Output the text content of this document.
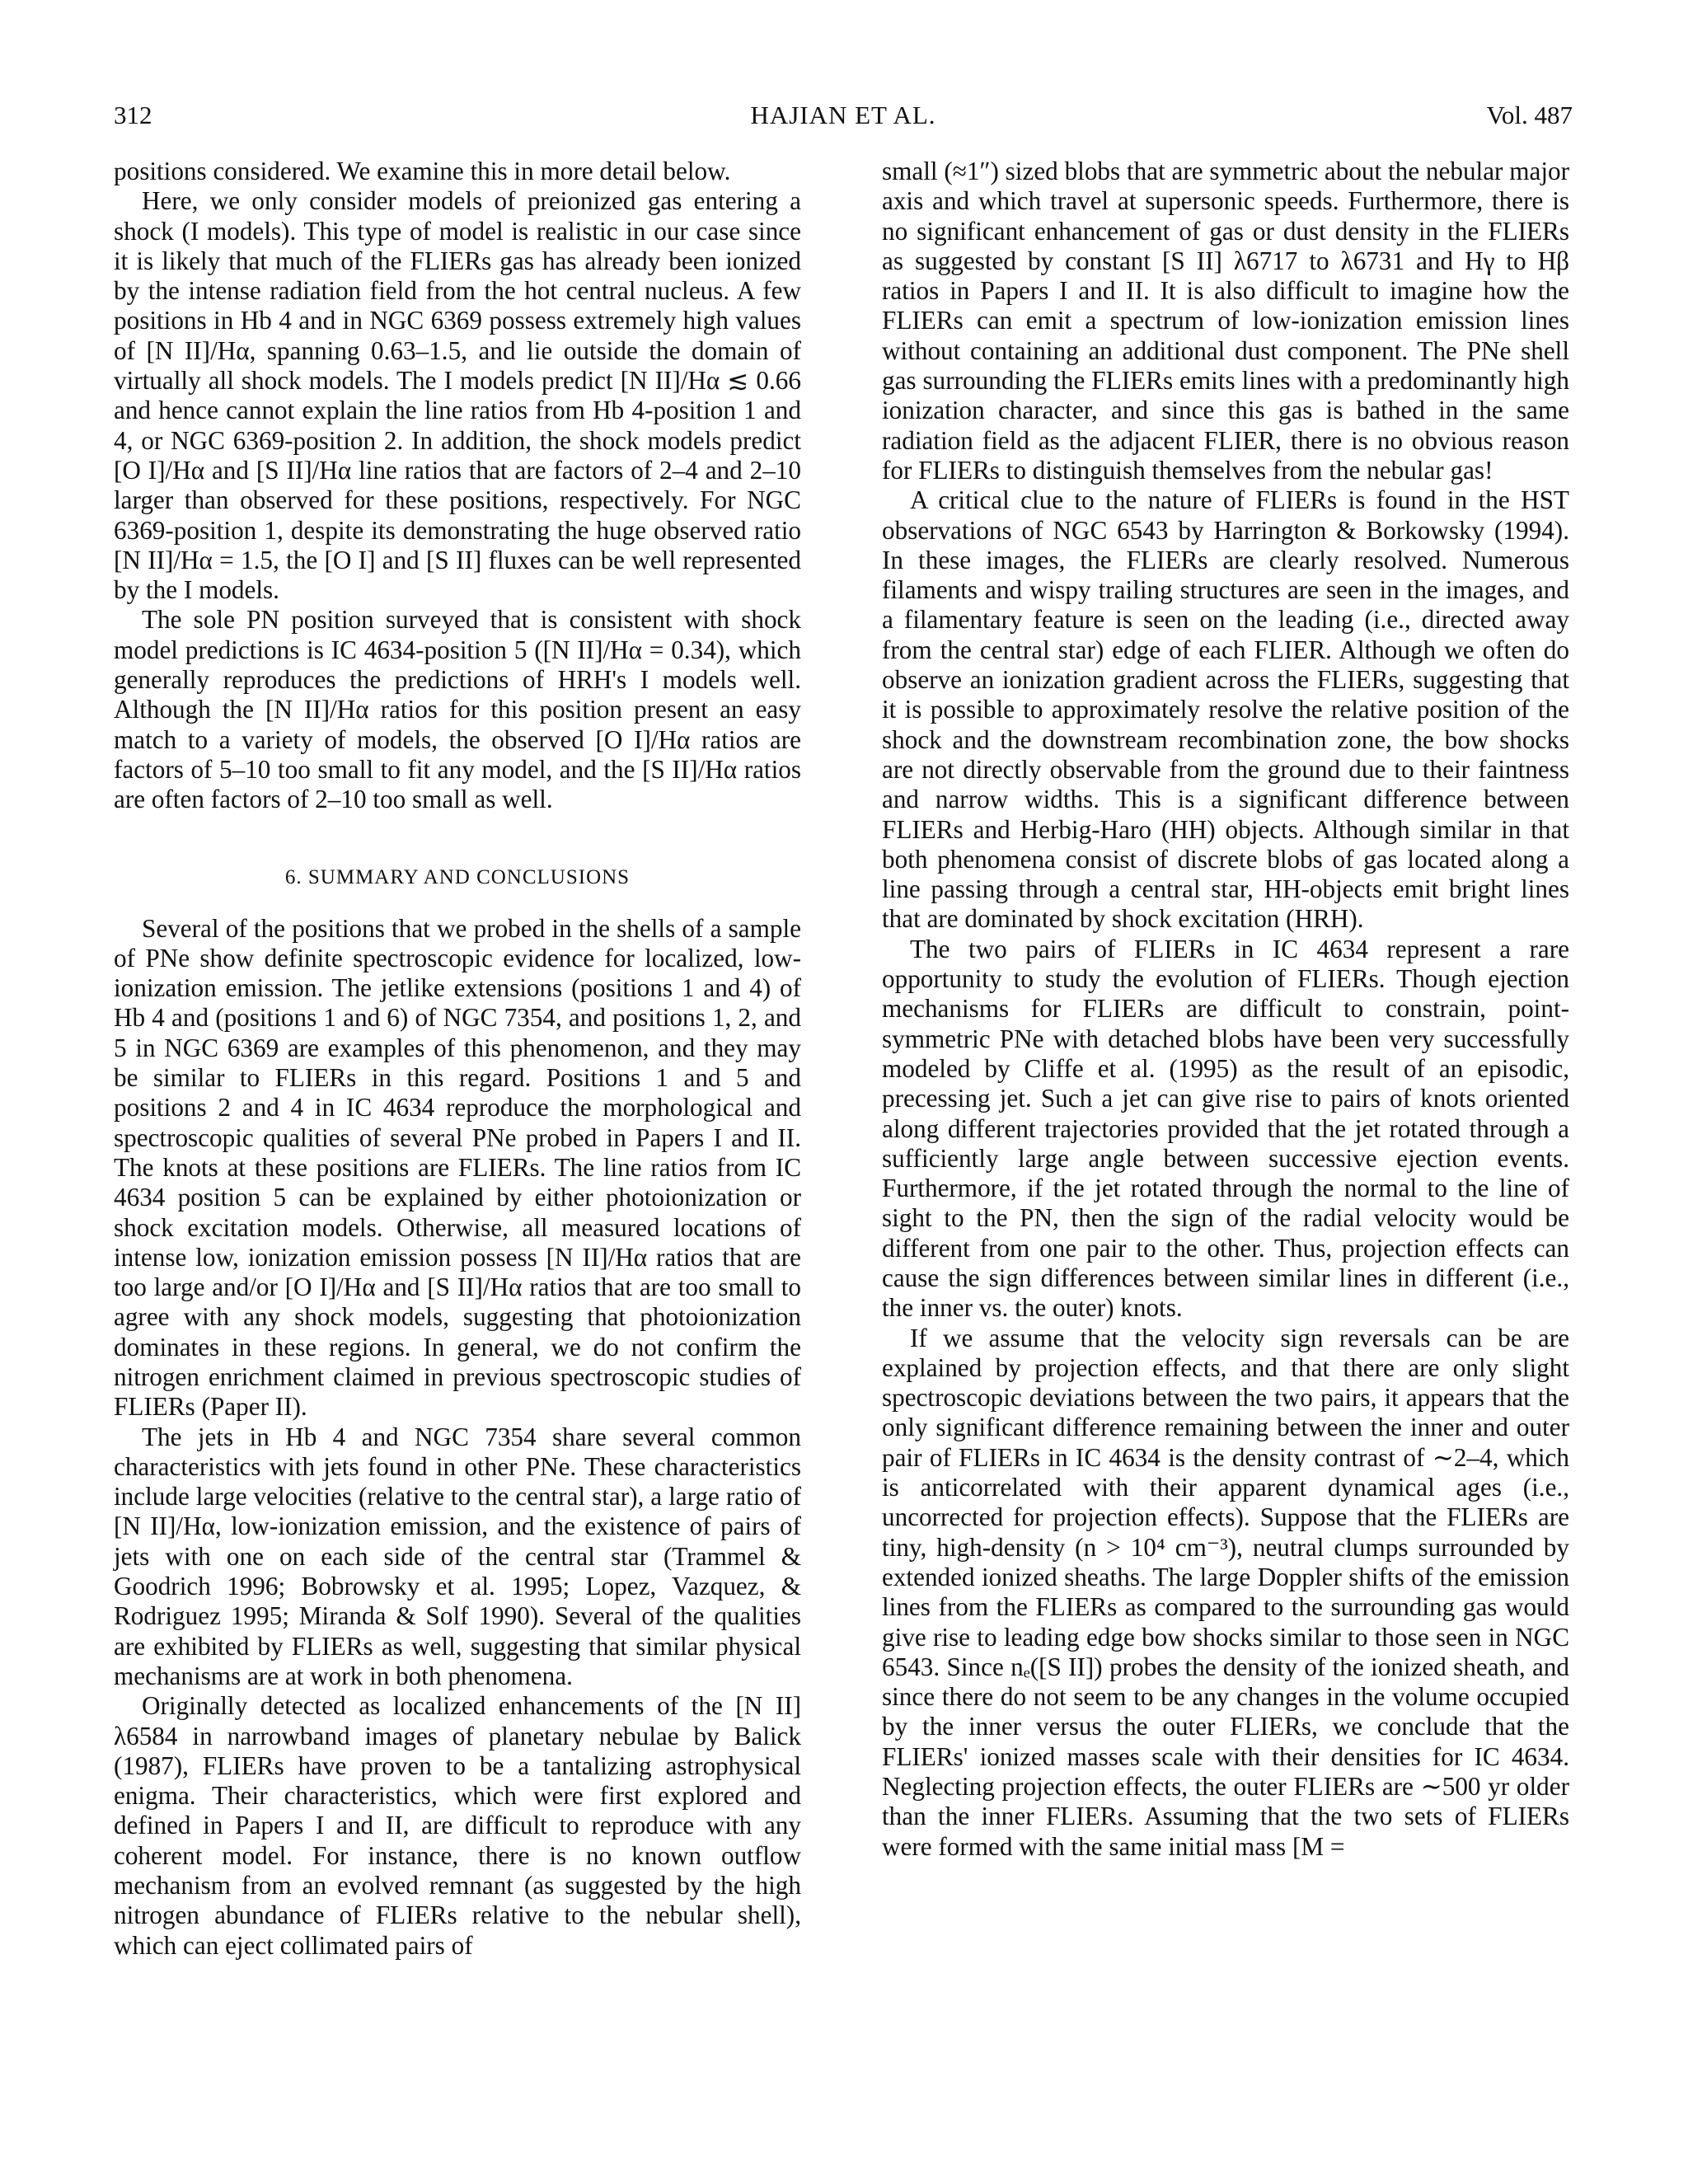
312	HAJIAN ET AL.	Vol. 487

positions considered. We examine this in more detail below.

Here, we only consider models of preionized gas entering a shock (I models). This type of model is realistic in our case since it is likely that much of the FLIERs gas has already been ionized by the intense radiation field from the hot central nucleus. A few positions in Hb 4 and in NGC 6369 possess extremely high values of [N II]/Hα, spanning 0.63–1.5, and lie outside the domain of virtually all shock models. The I models predict [N II]/Hα ≲ 0.66 and hence cannot explain the line ratios from Hb 4-position 1 and 4, or NGC 6369-position 2. In addition, the shock models predict [O I]/Hα and [S II]/Hα line ratios that are factors of 2–4 and 2–10 larger than observed for these positions, respectively. For NGC 6369-position 1, despite its demonstrating the huge observed ratio [N II]/Hα = 1.5, the [O I] and [S II] fluxes can be well represented by the I models.

The sole PN position surveyed that is consistent with shock model predictions is IC 4634-position 5 ([N II]/Hα = 0.34), which generally reproduces the predictions of HRH's I models well. Although the [N II]/Hα ratios for this position present an easy match to a variety of models, the observed [O I]/Hα ratios are factors of 5–10 too small to fit any model, and the [S II]/Hα ratios are often factors of 2–10 too small as well.

6. SUMMARY AND CONCLUSIONS

Several of the positions that we probed in the shells of a sample of PNe show definite spectroscopic evidence for localized, low-ionization emission. The jetlike extensions (positions 1 and 4) of Hb 4 and (positions 1 and 6) of NGC 7354, and positions 1, 2, and 5 in NGC 6369 are examples of this phenomenon, and they may be similar to FLIERs in this regard. Positions 1 and 5 and positions 2 and 4 in IC 4634 reproduce the morphological and spectroscopic qualities of several PNe probed in Papers I and II. The knots at these positions are FLIERs. The line ratios from IC 4634 position 5 can be explained by either photoionization or shock excitation models. Otherwise, all measured locations of intense low, ionization emission possess [N II]/Hα ratios that are too large and/or [O I]/Hα and [S II]/Hα ratios that are too small to agree with any shock models, suggesting that photoionization dominates in these regions. In general, we do not confirm the nitrogen enrichment claimed in previous spectroscopic studies of FLIERs (Paper II).

The jets in Hb 4 and NGC 7354 share several common characteristics with jets found in other PNe. These characteristics include large velocities (relative to the central star), a large ratio of [N II]/Hα, low-ionization emission, and the existence of pairs of jets with one on each side of the central star (Trammel & Goodrich 1996; Bobrowsky et al. 1995; Lopez, Vazquez, & Rodriguez 1995; Miranda & Solf 1990). Several of the qualities are exhibited by FLIERs as well, suggesting that similar physical mechanisms are at work in both phenomena.

Originally detected as localized enhancements of the [N II] λ6584 in narrowband images of planetary nebulae by Balick (1987), FLIERs have proven to be a tantalizing astrophysical enigma. Their characteristics, which were first explored and defined in Papers I and II, are difficult to reproduce with any coherent model. For instance, there is no known outflow mechanism from an evolved remnant (as suggested by the high nitrogen abundance of FLIERs relative to the nebular shell), which can eject collimated pairs of

small (≈1″) sized blobs that are symmetric about the nebular major axis and which travel at supersonic speeds. Furthermore, there is no significant enhancement of gas or dust density in the FLIERs as suggested by constant [S II] λ6717 to λ6731 and Hγ to Hβ ratios in Papers I and II. It is also difficult to imagine how the FLIERs can emit a spectrum of low-ionization emission lines without containing an additional dust component. The PNe shell gas surrounding the FLIERs emits lines with a predominantly high ionization character, and since this gas is bathed in the same radiation field as the adjacent FLIER, there is no obvious reason for FLIERs to distinguish themselves from the nebular gas!

A critical clue to the nature of FLIERs is found in the HST observations of NGC 6543 by Harrington & Borkowsky (1994). In these images, the FLIERs are clearly resolved. Numerous filaments and wispy trailing structures are seen in the images, and a filamentary feature is seen on the leading (i.e., directed away from the central star) edge of each FLIER. Although we often do observe an ionization gradient across the FLIERs, suggesting that it is possible to approximately resolve the relative position of the shock and the downstream recombination zone, the bow shocks are not directly observable from the ground due to their faintness and narrow widths. This is a significant difference between FLIERs and Herbig-Haro (HH) objects. Although similar in that both phenomena consist of discrete blobs of gas located along a line passing through a central star, HH-objects emit bright lines that are dominated by shock excitation (HRH).

The two pairs of FLIERs in IC 4634 represent a rare opportunity to study the evolution of FLIERs. Though ejection mechanisms for FLIERs are difficult to constrain, point-symmetric PNe with detached blobs have been very successfully modeled by Cliffe et al. (1995) as the result of an episodic, precessing jet. Such a jet can give rise to pairs of knots oriented along different trajectories provided that the jet rotated through a sufficiently large angle between successive ejection events. Furthermore, if the jet rotated through the normal to the line of sight to the PN, then the sign of the radial velocity would be different from one pair to the other. Thus, projection effects can cause the sign differences between similar lines in different (i.e., the inner vs. the outer) knots.

If we assume that the velocity sign reversals can be are explained by projection effects, and that there are only slight spectroscopic deviations between the two pairs, it appears that the only significant difference remaining between the inner and outer pair of FLIERs in IC 4634 is the density contrast of ∼2–4, which is anticorrelated with their apparent dynamical ages (i.e., uncorrected for projection effects). Suppose that the FLIERs are tiny, high-density (n > 10⁴ cm⁻³), neutral clumps surrounded by extended ionized sheaths. The large Doppler shifts of the emission lines from the FLIERs as compared to the surrounding gas would give rise to leading edge bow shocks similar to those seen in NGC 6543. Since nₑ([S II]) probes the density of the ionized sheath, and since there do not seem to be any changes in the volume occupied by the inner versus the outer FLIERs, we conclude that the FLIERs' ionized masses scale with their densities for IC 4634. Neglecting projection effects, the outer FLIERs are ∼500 yr older than the inner FLIERs. Assuming that the two sets of FLIERs were formed with the same initial mass [M =
